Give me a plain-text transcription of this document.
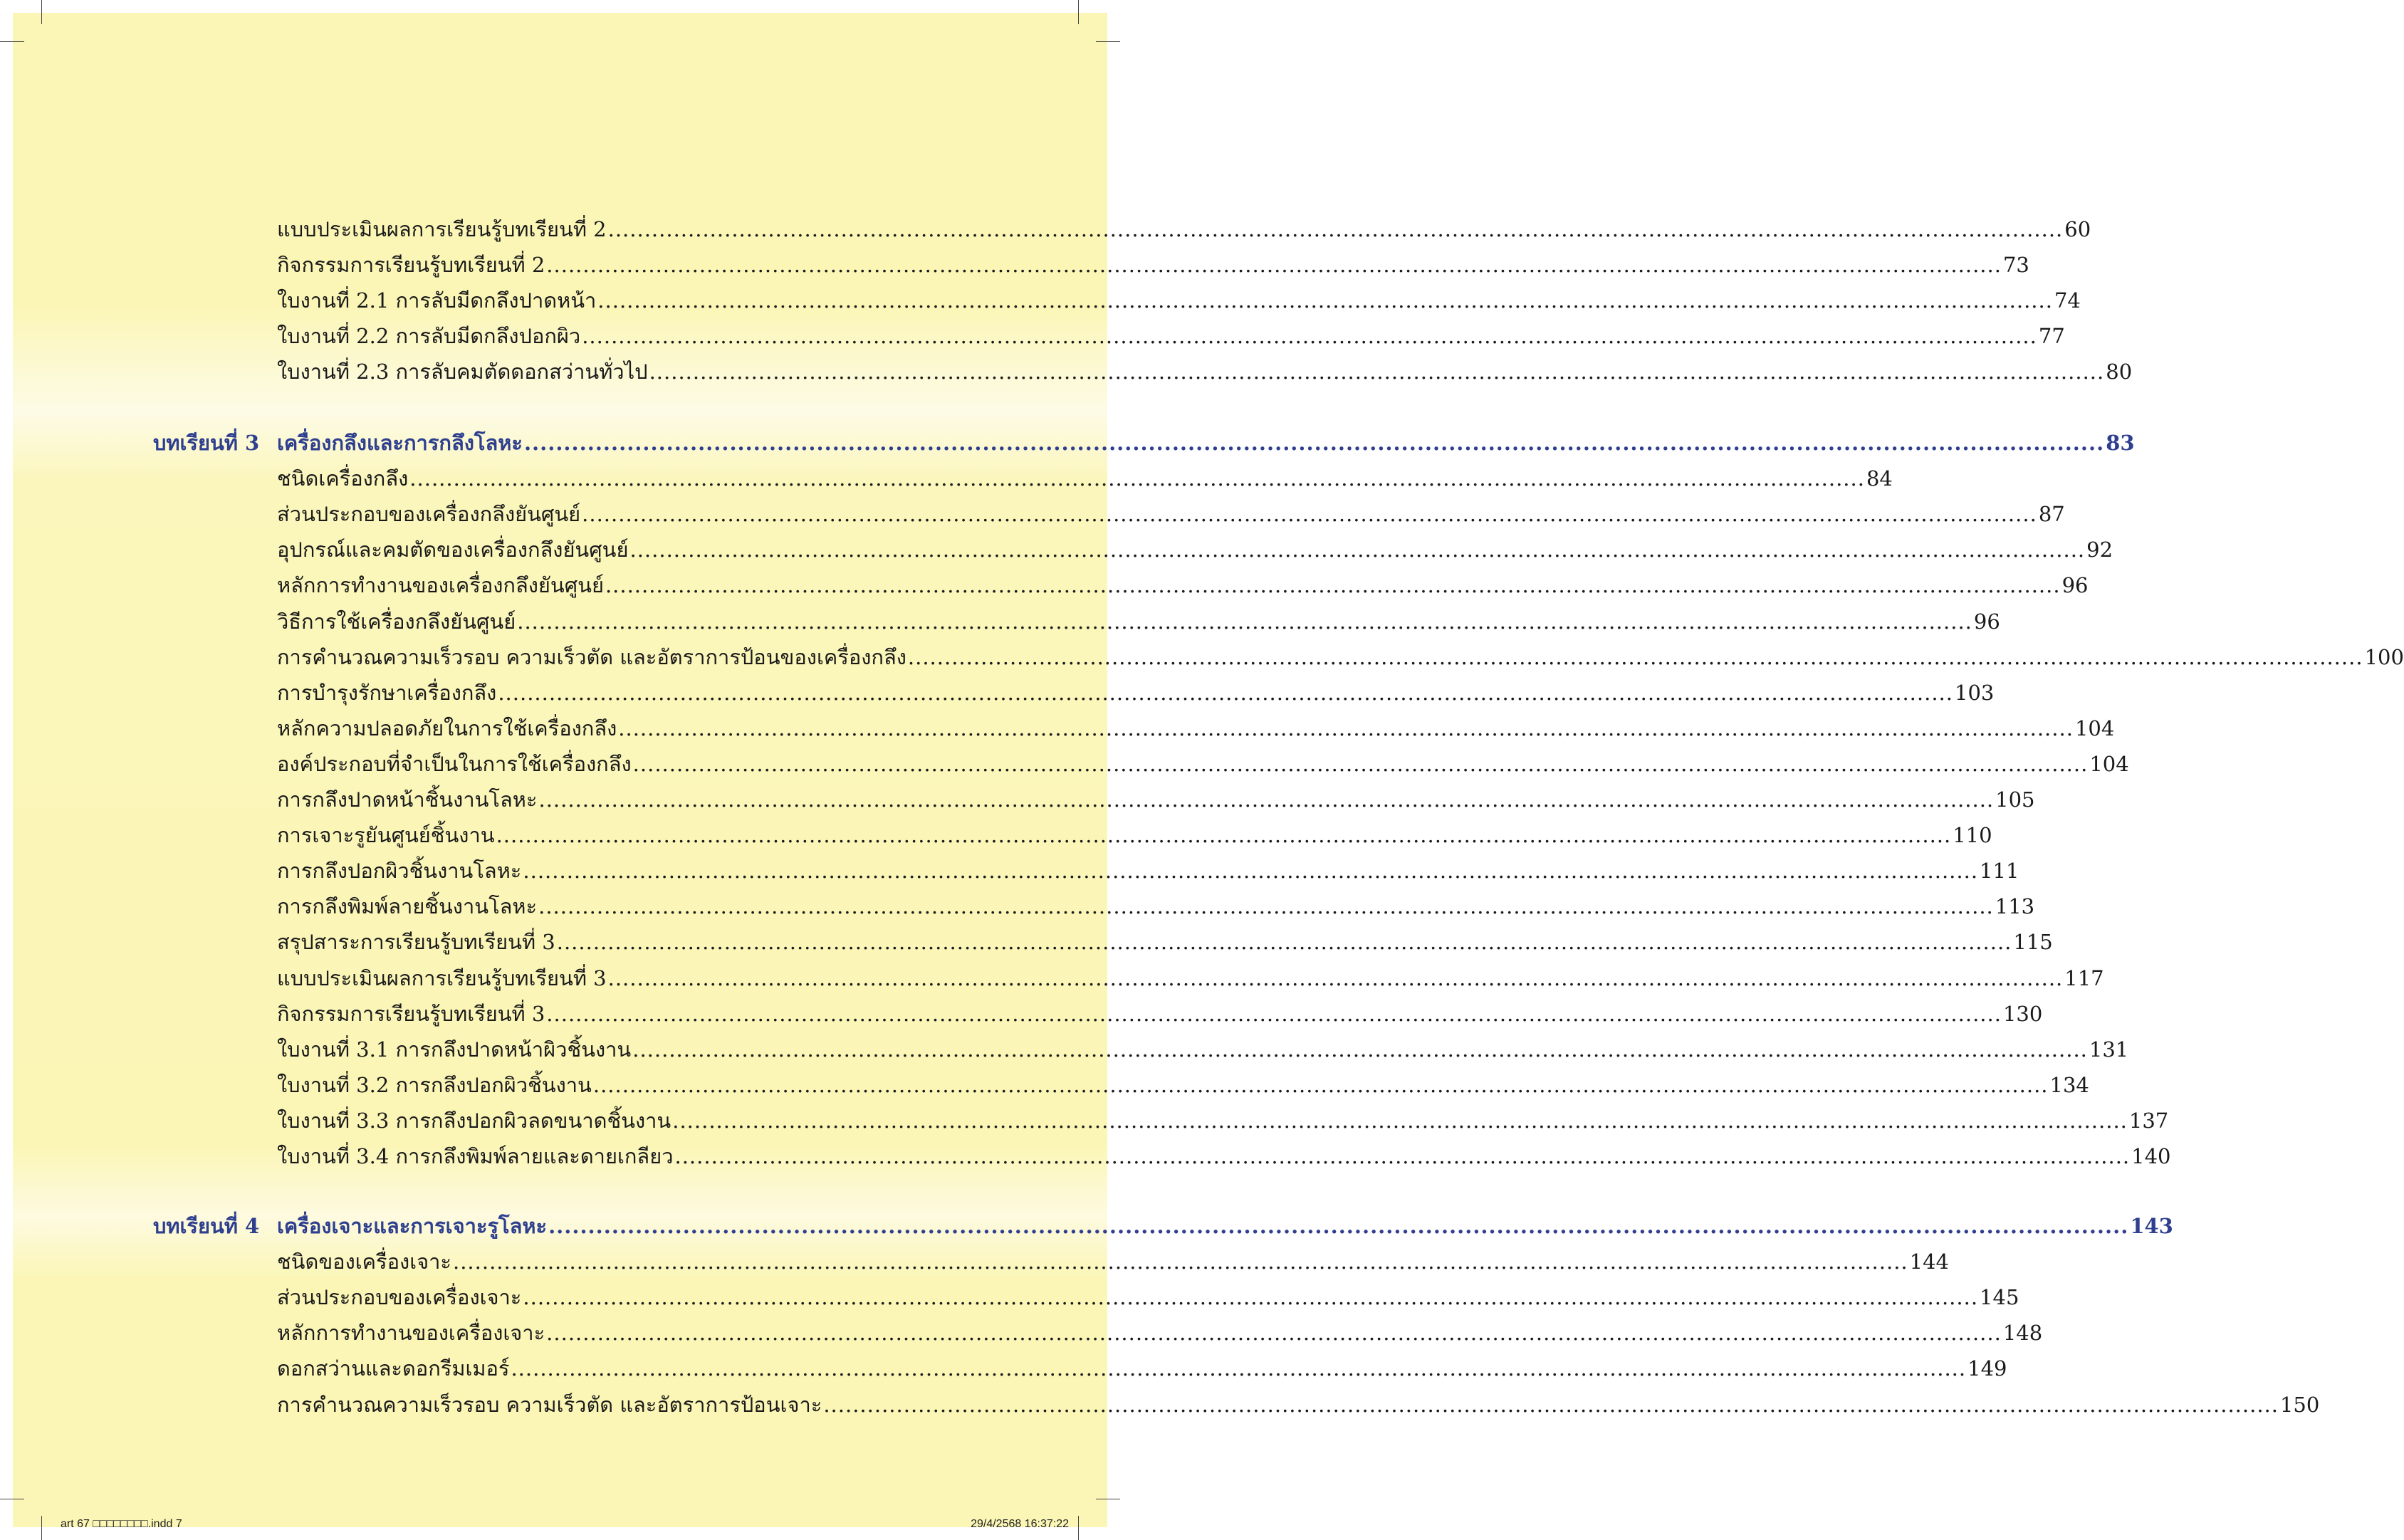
แบบประเมินผลการเรียนรู้บทเรียนที่ 2 ........................................................................................................................................................................................................ 60
กิจกรรมการเรียนรู้บทเรียนที่ 2 ........................................................................................................................................................................................................ 73
ใบงานที่ 2.1 การลับมีดกลึงปาดหน้า ........................................................................................................................................................................................................ 74
ใบงานที่ 2.2 การลับมีดกลึงปอกผิว ........................................................................................................................................................................................................ 77
ใบงานที่ 2.3 การลับคมตัดดอกสว่านทั่วไป ........................................................................................................................................................................................................ 80
บทเรียนที่ 3 เครื่องกลึงและการกลึงโลหะ ........................................................................................................................................................................................................ 83
ชนิดเครื่องกลึง ........................................................................................................................................................................................................ 84
ส่วนประกอบของเครื่องกลึงยันศูนย์ ........................................................................................................................................................................................................ 87
อุปกรณ์และคมตัดของเครื่องกลึงยันศูนย์ ........................................................................................................................................................................................................ 92
หลักการทำงานของเครื่องกลึงยันศูนย์ ........................................................................................................................................................................................................ 96
วิธีการใช้เครื่องกลึงยันศูนย์ ........................................................................................................................................................................................................ 96
การคำนวณความเร็วรอบ ความเร็วตัด และอัตราการป้อนของเครื่องกลึง ........................................................................................................................................................................................................ 100
การบำรุงรักษาเครื่องกลึง ........................................................................................................................................................................................................ 103
หลักความปลอดภัยในการใช้เครื่องกลึง ........................................................................................................................................................................................................ 104
องค์ประกอบที่จำเป็นในการใช้เครื่องกลึง ........................................................................................................................................................................................................ 104
การกลึงปาดหน้าชิ้นงานโลหะ ........................................................................................................................................................................................................ 105
การเจาะรูยันศูนย์ชิ้นงาน ........................................................................................................................................................................................................ 110
การกลึงปอกผิวชิ้นงานโลหะ ........................................................................................................................................................................................................ 111
การกลึงพิมพ์ลายชิ้นงานโลหะ ........................................................................................................................................................................................................ 113
สรุปสาระการเรียนรู้บทเรียนที่ 3 ........................................................................................................................................................................................................ 115
แบบประเมินผลการเรียนรู้บทเรียนที่ 3 ........................................................................................................................................................................................................ 117
กิจกรรมการเรียนรู้บทเรียนที่ 3 ........................................................................................................................................................................................................ 130
ใบงานที่ 3.1 การกลึงปาดหน้าผิวชิ้นงาน ........................................................................................................................................................................................................ 131
ใบงานที่ 3.2 การกลึงปอกผิวชิ้นงาน ........................................................................................................................................................................................................ 134
ใบงานที่ 3.3 การกลึงปอกผิวลดขนาดชิ้นงาน ........................................................................................................................................................................................................ 137
ใบงานที่ 3.4 การกลึงพิมพ์ลายและดายเกลียว ........................................................................................................................................................................................................ 140
บทเรียนที่ 4 เครื่องเจาะและการเจาะรูโลหะ ........................................................................................................................................................................................................ 143
ชนิดของเครื่องเจาะ ........................................................................................................................................................................................................ 144
ส่วนประกอบของเครื่องเจาะ ........................................................................................................................................................................................................ 145
หลักการทำงานของเครื่องเจาะ ........................................................................................................................................................................................................ 148
ดอกสว่านและดอกรีมเมอร์ ........................................................................................................................................................................................................ 149
การคำนวณความเร็วรอบ ความเร็วตัด และอัตราการป้อนเจาะ ........................................................................................................................................................................................................ 150
art 67 □□□□□□□□.indd 7	29/4/2568 16:37:22
